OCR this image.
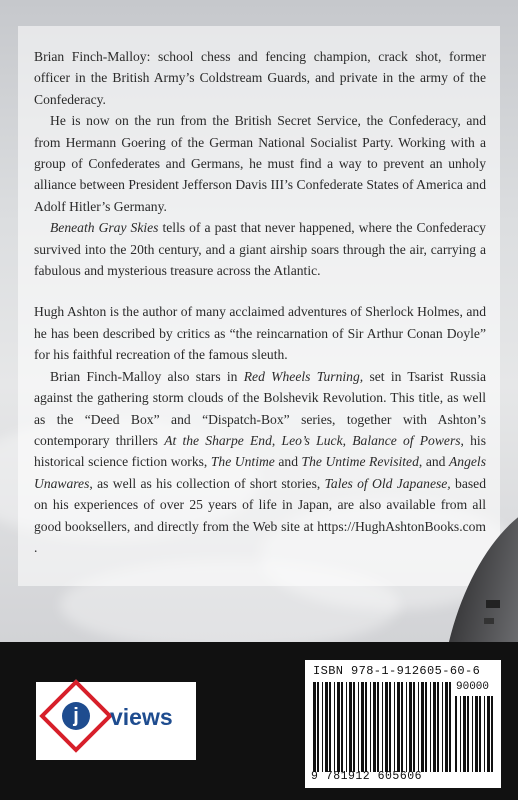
Brian Finch-Malloy: school chess and fencing champion, crack shot, former officer in the British Army’s Coldstream Guards, and private in the army of the Confederacy.

He is now on the run from the British Secret Service, the Confederacy, and from Hermann Goering of the German National Socialist Party. Working with a group of Confederates and Germans, he must find a way to prevent an unholy alliance between President Jefferson Davis III’s Confederate States of America and Adolf Hitler’s Germany.

Beneath Gray Skies tells of a past that never happened, where the Confederacy survived into the 20th century, and a giant airship soars through the air, carrying a fabulous and mysterious treasure across the Atlantic.

Hugh Ashton is the author of many acclaimed adventures of Sherlock Holmes, and he has been described by critics as “the reincarnation of Sir Arthur Conan Doyle” for his faithful recreation of the famous sleuth.

Brian Finch-Malloy also stars in Red Wheels Turning, set in Tsarist Russia against the gathering storm clouds of the Bolshevik Revolution. This title, as well as the “Deed Box” and “Dispatch-Box” series, together with Ashton’s contemporary thrillers At the Sharpe End, Leo’s Luck, Balance of Powers, his historical science fiction works, The Untime and The Untime Revisited, and Angels Unawares, as well as his collection of short stories, Tales of Old Japanese, based on his experiences of over 25 years of life in Japan, are also available from all good booksellers, and directly from the Web site at https://HughAshtonBooks.com .

j	views
ISBN 978-1-912605-60-6
90000
9 781912 605606
